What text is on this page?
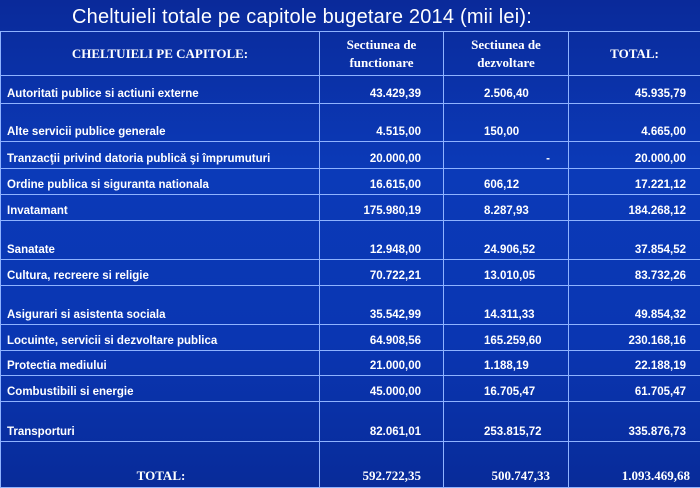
Cheltuieli totale pe capitole bugetare 2014 (mii lei):
CHELTUIELI PE CAPITOLE:	Sectiunea de functionare	Sectiunea de dezvoltare	TOTAL:
Autoritati publice si actiuni externe	43.429,39	2.506,40	45.935,79
Alte servicii publice generale	4.515,00	150,00	4.665,00
Tranzacţii privind datoria publică şi împrumuturi	20.000,00	-	20.000,00
Ordine publica si siguranta nationala	16.615,00	606,12	17.221,12
Invatamant	175.980,19	8.287,93	184.268,12
Sanatate	12.948,00	24.906,52	37.854,52
Cultura, recreere si religie	70.722,21	13.010,05	83.732,26
Asigurari si asistenta sociala	35.542,99	14.311,33	49.854,32
Locuinte, servicii si dezvoltare publica	64.908,56	165.259,60	230.168,16
Protectia mediului	21.000,00	1.188,19	22.188,19
Combustibili si energie	45.000,00	16.705,47	61.705,47
Transporturi	82.061,01	253.815,72	335.876,73
TOTAL:	592.722,35	500.747,33	1.093.469,68
